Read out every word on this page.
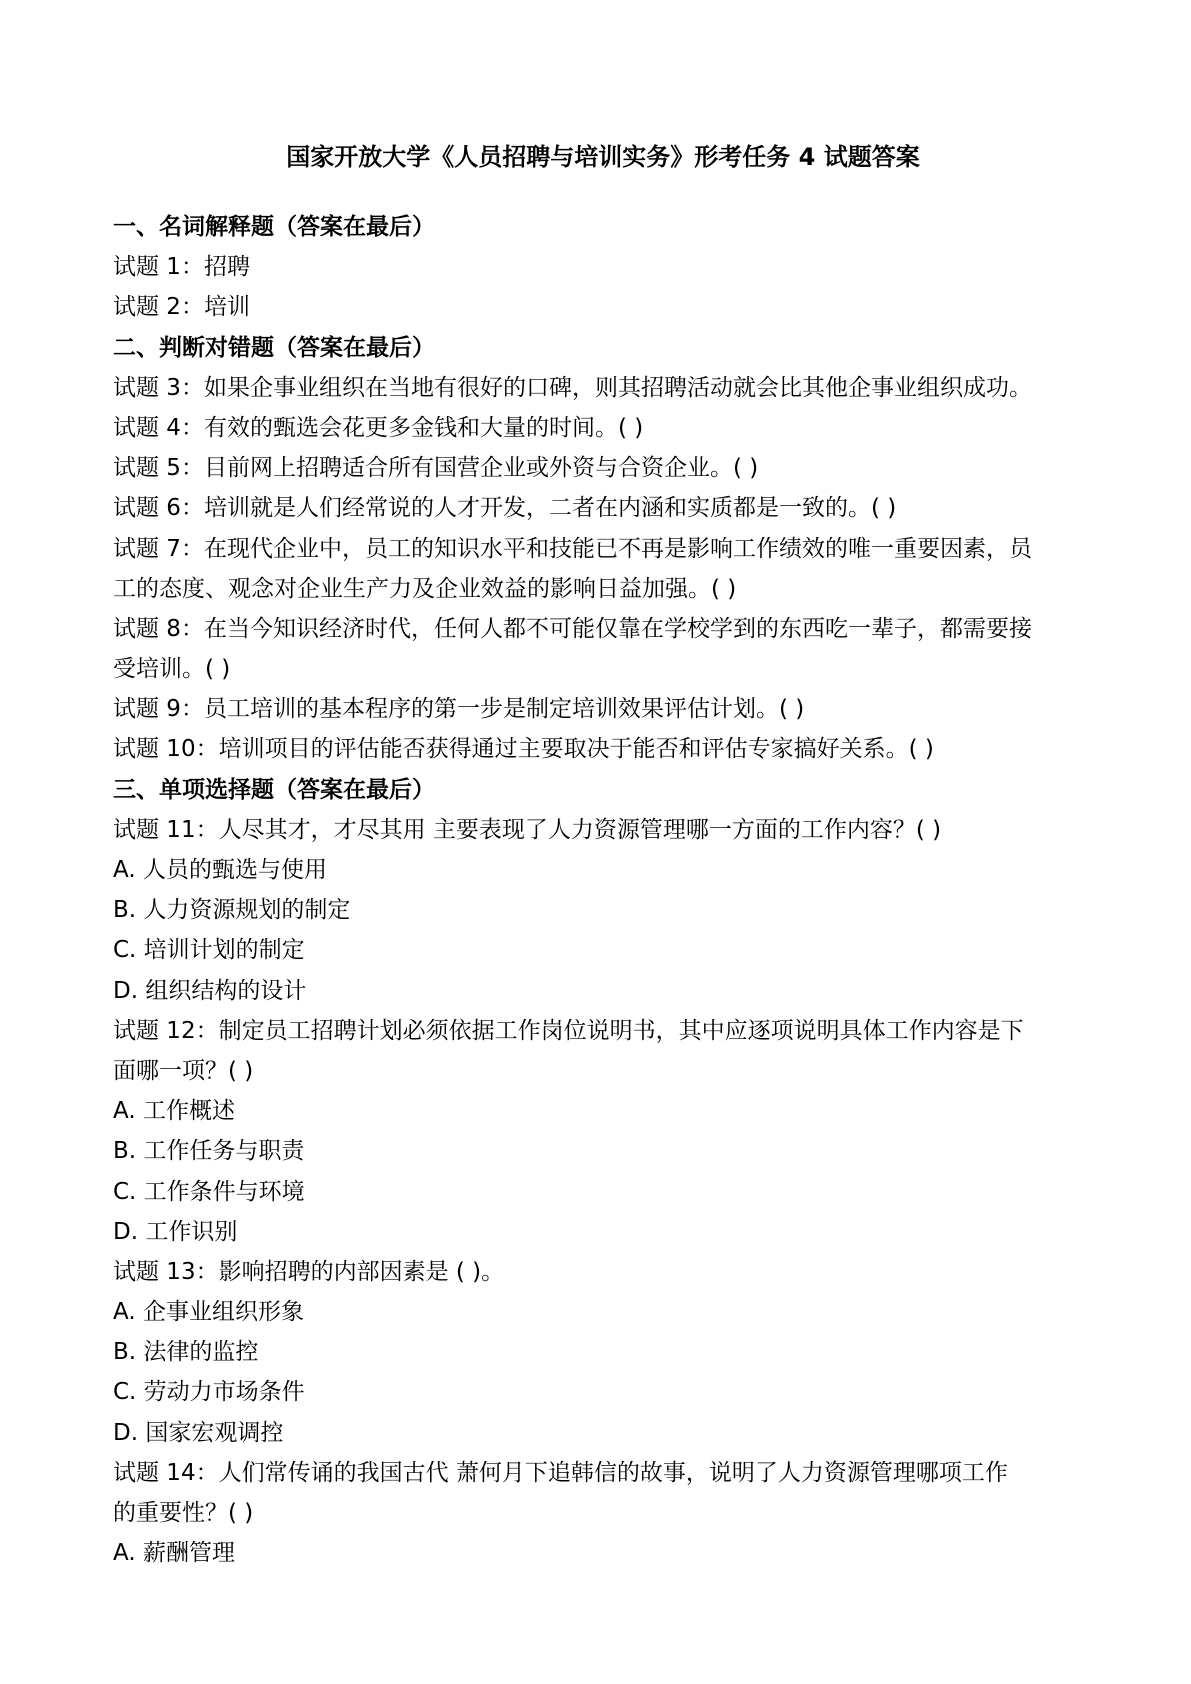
国家开放大学《人员招聘与培训实务》形考任务 4 试题答案
一、名词解释题（答案在最后）
试题 1：招聘
试题 2：培训
二、判断对错题（答案在最后）
试题 3：如果企事业组织在当地有很好的口碑，则其招聘活动就会比其他企事业组织成功。
试题 4：有效的甄选会花更多金钱和大量的时间。( )
试题 5：目前网上招聘适合所有国营企业或外资与合资企业。( )
试题 6：培训就是人们经常说的人才开发，二者在内涵和实质都是一致的。( )
试题 7：在现代企业中，员工的知识水平和技能已不再是影响工作绩效的唯一重要因素，员
工的态度、观念对企业生产力及企业效益的影响日益加强。( )
试题 8：在当今知识经济时代，任何人都不可能仅靠在学校学到的东西吃一辈子，都需要接
受培训。( )
试题 9：员工培训的基本程序的第一步是制定培训效果评估计划。( )
试题 10：培训项目的评估能否获得通过主要取决于能否和评估专家搞好关系。( )
三、单项选择题（答案在最后）
试题 11：人尽其才，才尽其用 主要表现了人力资源管理哪一方面的工作内容？( )
A. 人员的甄选与使用
B. 人力资源规划的制定
C. 培训计划的制定
D. 组织结构的设计
试题 12：制定员工招聘计划必须依据工作岗位说明书，其中应逐项说明具体工作内容是下
面哪一项？( )
A. 工作概述
B. 工作任务与职责
C. 工作条件与环境
D. 工作识别
试题 13：影响招聘的内部因素是 ( )。
A. 企事业组织形象
B. 法律的监控
C. 劳动力市场条件
D. 国家宏观调控
试题 14：人们常传诵的我国古代 萧何月下追韩信的故事，说明了人力资源管理哪项工作
的重要性？( )
A. 薪酬管理
